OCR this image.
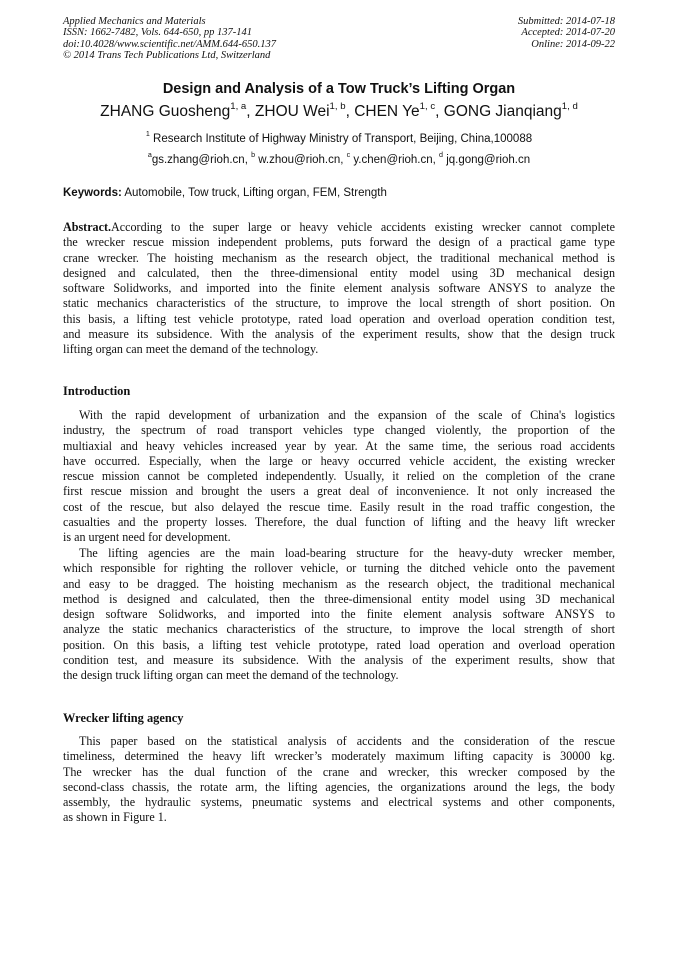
Applied Mechanics and Materials
ISSN: 1662-7482, Vols. 644-650, pp 137-141
doi:10.4028/www.scientific.net/AMM.644-650.137
© 2014 Trans Tech Publications Ltd, Switzerland
Submitted: 2014-07-18
Accepted: 2014-07-20
Online: 2014-09-22
Design and Analysis of a Tow Truck’s Lifting Organ
ZHANG Guosheng$^{1, a}$, ZHOU Wei$^{1, b}$, CHEN Ye$^{1, c}$, GONG Jianqiang$^{1, d}$
$^1$ Research Institute of Highway Ministry of Transport, Beijing, China,100088
$^a$gs.zhang@rioh.cn, $^b$ w.zhou@rioh.cn, $^c$ y.chen@rioh.cn, $^d$ jq.gong@rioh.cn
Keywords: Automobile, Tow truck, Lifting organ, FEM, Strength
Abstract.According to the super large or heavy vehicle accidents existing wrecker cannot complete
the wrecker rescue mission independent problems, puts forward the design of a practical game type
crane wrecker. The hoisting mechanism as the research object, the traditional mechanical method is
designed and calculated, then the three-dimensional entity model using 3D mechanical design
software Solidworks, and imported into the finite element analysis software ANSYS to analyze the
static mechanics characteristics of the structure, to improve the local strength of short position. On
this basis, a lifting test vehicle prototype, rated load operation and overload operation condition test,
and measure its subsidence. With the analysis of the experiment results, show that the design truck
lifting organ can meet the demand of the technology.
Introduction
With the rapid development of urbanization and the expansion of the scale of China's logistics
industry, the spectrum of road transport vehicles type changed violently, the proportion of the
multiaxial and heavy vehicles increased year by year. At the same time, the serious road accidents
have occurred. Especially, when the large or heavy occurred vehicle accident, the existing wrecker
rescue mission cannot be completed independently. Usually, it relied on the completion of the crane
first rescue mission and brought the users a great deal of inconvenience. It not only increased the
cost of the rescue, but also delayed the rescue time. Easily result in the road traffic congestion, the
casualties and the property losses. Therefore, the dual function of lifting and the heavy lift wrecker
is an urgent need for development.
The lifting agencies are the main load-bearing structure for the heavy-duty wrecker member,
which responsible for righting the rollover vehicle, or turning the ditched vehicle onto the pavement
and easy to be dragged. The hoisting mechanism as the research object, the traditional mechanical
method is designed and calculated, then the three-dimensional entity model using 3D mechanical
design software Solidworks, and imported into the finite element analysis software ANSYS to
analyze the static mechanics characteristics of the structure, to improve the local strength of short
position. On this basis, a lifting test vehicle prototype, rated load operation and overload operation
condition test, and measure its subsidence. With the analysis of the experiment results, show that
the design truck lifting organ can meet the demand of the technology.
Wrecker lifting agency
This paper based on the statistical analysis of accidents and the consideration of the rescue
timeliness, determined the heavy lift wrecker’s moderately maximum lifting capacity is 30000 kg.
The wrecker has the dual function of the crane and wrecker, this wrecker composed by the
second-class chassis, the rotate arm, the lifting agencies, the organizations around the legs, the body
assembly, the hydraulic systems, pneumatic systems and electrical systems and other components,
as shown in Figure 1.
